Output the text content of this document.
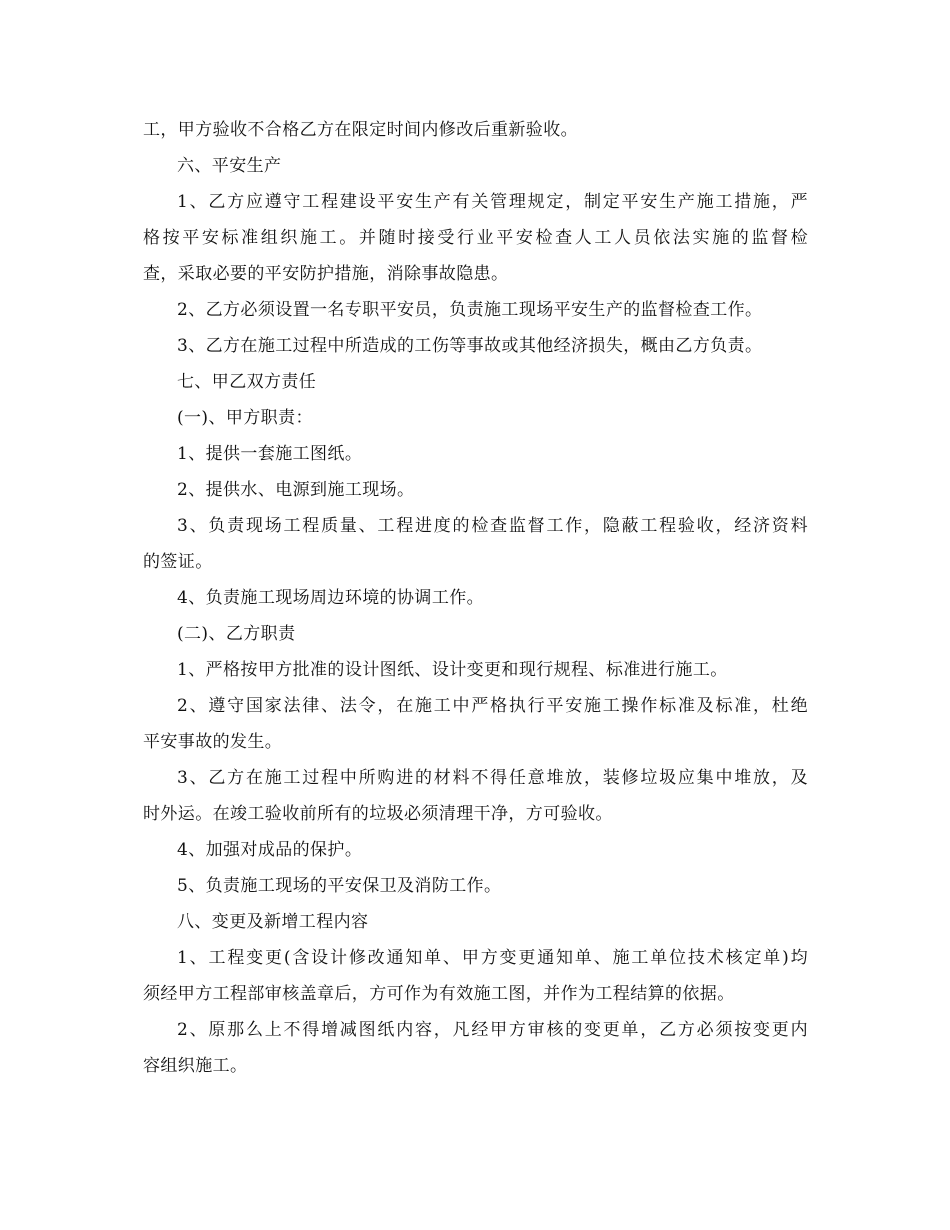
工，甲方验收不合格乙方在限定时间内修改后重新验收。
六、平安生产
1、乙方应遵守工程建设平安生产有关管理规定，制定平安生产施工措施，严
格按平安标准组织施工。并随时接受行业平安检查人工人员依法实施的监督检
查，采取必要的平安防护措施，消除事故隐患。
2、乙方必须设置一名专职平安员，负责施工现场平安生产的监督检查工作。
3、乙方在施工过程中所造成的工伤等事故或其他经济损失，概由乙方负责。
七、甲乙双方责任
(一)、甲方职责：
1、提供一套施工图纸。
2、提供水、电源到施工现场。
3、负责现场工程质量、工程进度的检查监督工作，隐蔽工程验收，经济资料
的签证。
4、负责施工现场周边环境的协调工作。
(二)、乙方职责
1、严格按甲方批准的设计图纸、设计变更和现行规程、标准进行施工。
2、遵守国家法律、法令，在施工中严格执行平安施工操作标准及标准，杜绝
平安事故的发生。
3、乙方在施工过程中所购进的材料不得任意堆放，装修垃圾应集中堆放，及
时外运。在竣工验收前所有的垃圾必须清理干净，方可验收。
4、加强对成品的保护。
5、负责施工现场的平安保卫及消防工作。
八、变更及新增工程内容
1、工程变更(含设计修改通知单、甲方变更通知单、施工单位技术核定单)均
须经甲方工程部审核盖章后，方可作为有效施工图，并作为工程结算的依据。
2、原那么上不得增减图纸内容，凡经甲方审核的变更单，乙方必须按变更内
容组织施工。
